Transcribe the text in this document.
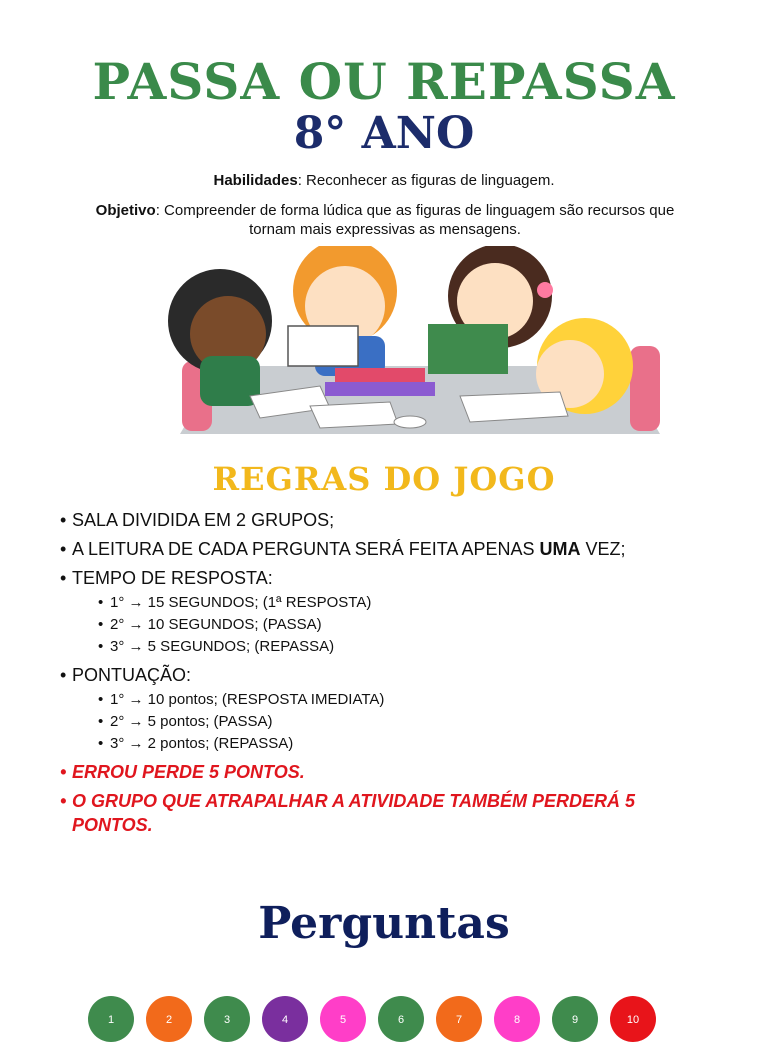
PASSA OU REPASSA
8° ANO
Habilidades: Reconhecer as figuras de linguagem.
Objetivo: Compreender de forma lúdica que as figuras de linguagem são recursos que tornam mais expressivas as mensagens.
REGRAS DO JOGO
• SALA DIVIDIDA EM 2 GRUPOS;
• A LEITURA DE CADA PERGUNTA SERÁ FEITA APENAS UMA VEZ;
• TEMPO DE RESPOSTA:
• 1° → 15 SEGUNDOS; (1ª RESPOSTA)
• 2° → 10 SEGUNDOS; (PASSA)
• 3° → 5 SEGUNDOS; (REPASSA)
• PONTUAÇÃO:
• 1° → 10 pontos; (RESPOSTA IMEDIATA)
• 2° → 5 pontos; (PASSA)
• 3° → 2 pontos; (REPASSA)
• ERROU PERDE 5 PONTOS.
• O GRUPO QUE ATRAPALHAR A ATIVIDADE TAMBÉM PERDERÁ 5 PONTOS.
Perguntas
1	2	3	4	5	6	7	8	9	10
